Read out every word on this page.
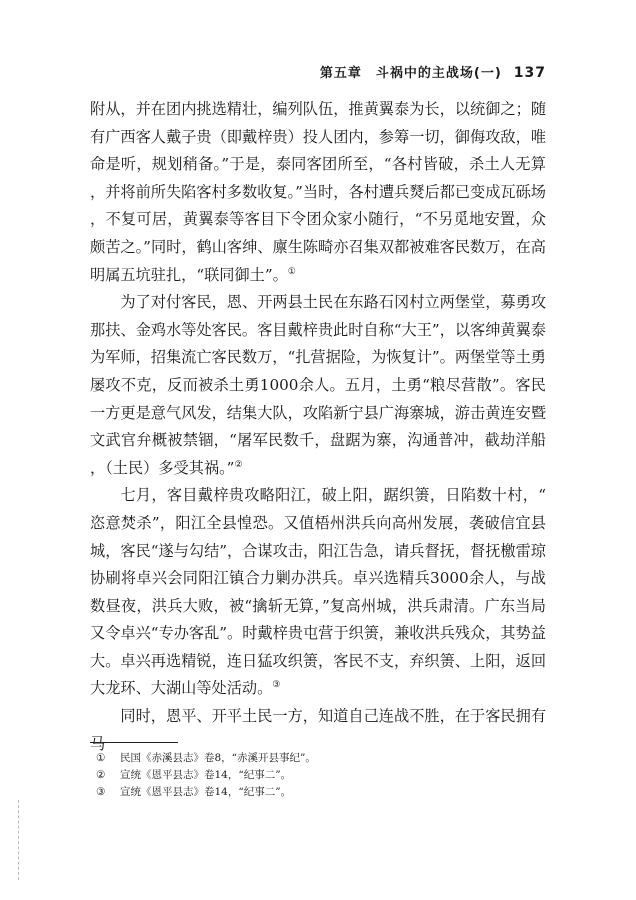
第五章 斗祸中的主战场(一) 137

附从，并在团内挑选精壮，编列队伍，推黄翼泰为长，以统御之；随有广西客人戴子贵（即戴梓贵）投人团内，参筹一切，御侮攻敌，唯命是听，规划稍备。”于是，泰同客团所至，“各村皆破，杀土人无算，并将前所失陷客村多数收复。”当时，各村遭兵燹后都已变成瓦砾场，不复可居，黄翼泰等客目下令团众家小随行，“不另觅地安置，众颇苦之。”同时，鹤山客绅、廪生陈畸亦召集双都被难客民数万，在高明属五坑驻扎，“联同御土”。①

为了对付客民，恩、开两县土民在东路石冈村立两堡堂，募勇攻那扶、金鸡水等处客民。客目戴梓贵此时自称“大王”，以客绅黄翼泰为军师，招集流亡客民数万，“扎营据险，为恢复计”。两堡堂等土勇屡攻不克，反而被杀土勇1000余人。五月，土勇“粮尽营散”。客民一方更是意气风发，结集大队，攻陷新宁县广海寨城，游击黄连安暨文武官弁概被禁锢，“屠军民数千，盘踞为寨，沟通普冲，截劫洋船，（土民）多受其祸。”②

七月，客目戴梓贵攻略阳江，破上阳，踞织箦，日陷数十村，“恣意焚杀”，阳江全县惶恐。又值梧州洪兵向高州发展，袭破信宜县城，客民“遂与勾结”，合谋攻击，阳江告急，请兵督抚，督抚檄雷琼协刷将卓兴会同阳江镇合力剿办洪兵。卓兴选精兵3000余人，与战数昼夜，洪兵大败，被“擒斩无算，”复高州城，洪兵肃清。广东当局又令卓兴“专办客乱”。时戴梓贵屯营于织箦，兼收洪兵残众，其势益大。卓兴再选精锐，连日猛攻织箦，客民不支，弃织箦、上阳，返回大龙环、大湖山等处活动。③

同时，恩平、开平土民一方，知道自己连战不胜，在于客民拥有马

① 民国《赤溪县志》卷8，“赤溪开县事纪”。

② 宣统《恩平县志》卷14，“纪事二”。

③ 宣统《恩平县志》卷14，“纪事二”。
